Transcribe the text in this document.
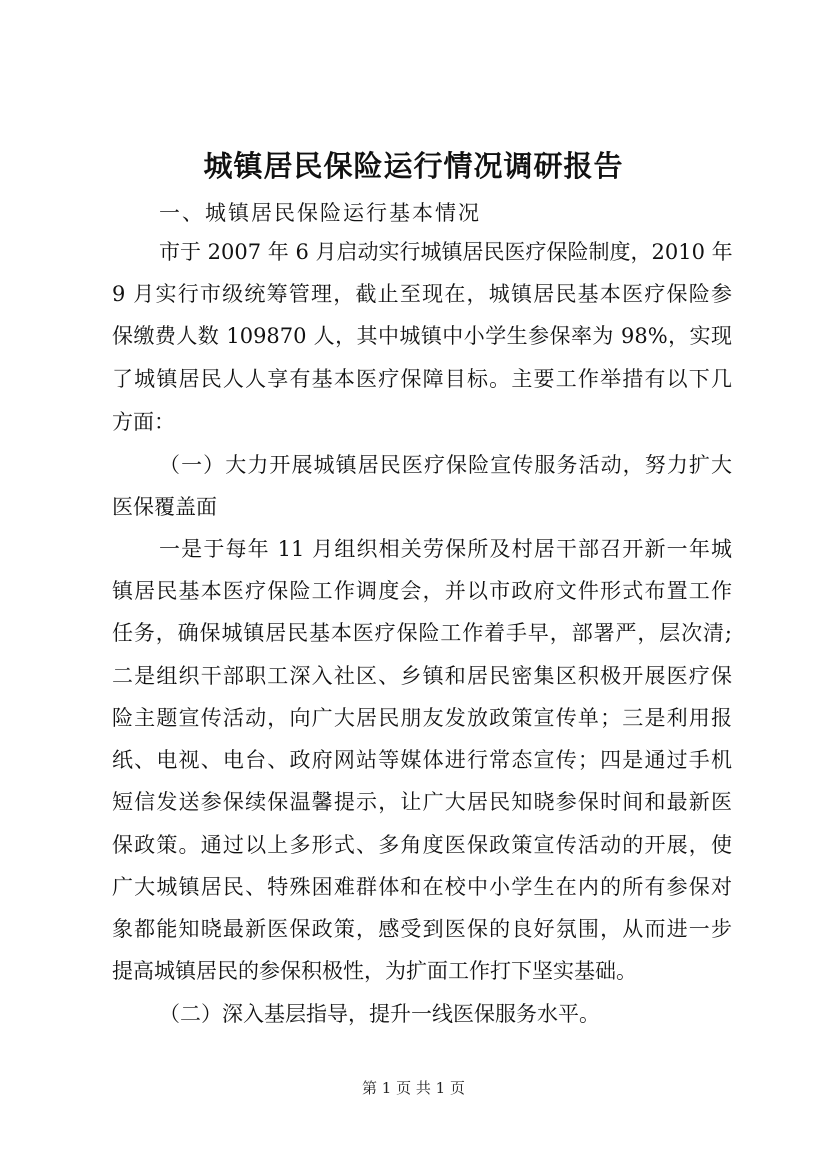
城镇居民保险运行情况调研报告
一、城镇居民保险运行基本情况
市于 2007 年 6 月启动实行城镇居民医疗保险制度，2010 年
9 月实行市级统筹管理，截止至现在，城镇居民基本医疗保险参
保缴费人数 109870 人，其中城镇中小学生参保率为 98%，实现
了城镇居民人人享有基本医疗保障目标。主要工作举措有以下几
方面：
（一）大力开展城镇居民医疗保险宣传服务活动，努力扩大
医保覆盖面
一是于每年 11 月组织相关劳保所及村居干部召开新一年城
镇居民基本医疗保险工作调度会，并以市政府文件形式布置工作
任务，确保城镇居民基本医疗保险工作着手早，部署严，层次清;
二是组织干部职工深入社区、乡镇和居民密集区积极开展医疗保
险主题宣传活动，向广大居民朋友发放政策宣传单；三是利用报
纸、电视、电台、政府网站等媒体进行常态宣传；四是通过手机
短信发送参保续保温馨提示，让广大居民知晓参保时间和最新医
保政策。通过以上多形式、多角度医保政策宣传活动的开展，使
广大城镇居民、特殊困难群体和在校中小学生在内的所有参保对
象都能知晓最新医保政策，感受到医保的良好氛围，从而进一步
提高城镇居民的参保积极性，为扩面工作打下坚实基础。
（二）深入基层指导，提升一线医保服务水平。
第 1 页 共 1 页
